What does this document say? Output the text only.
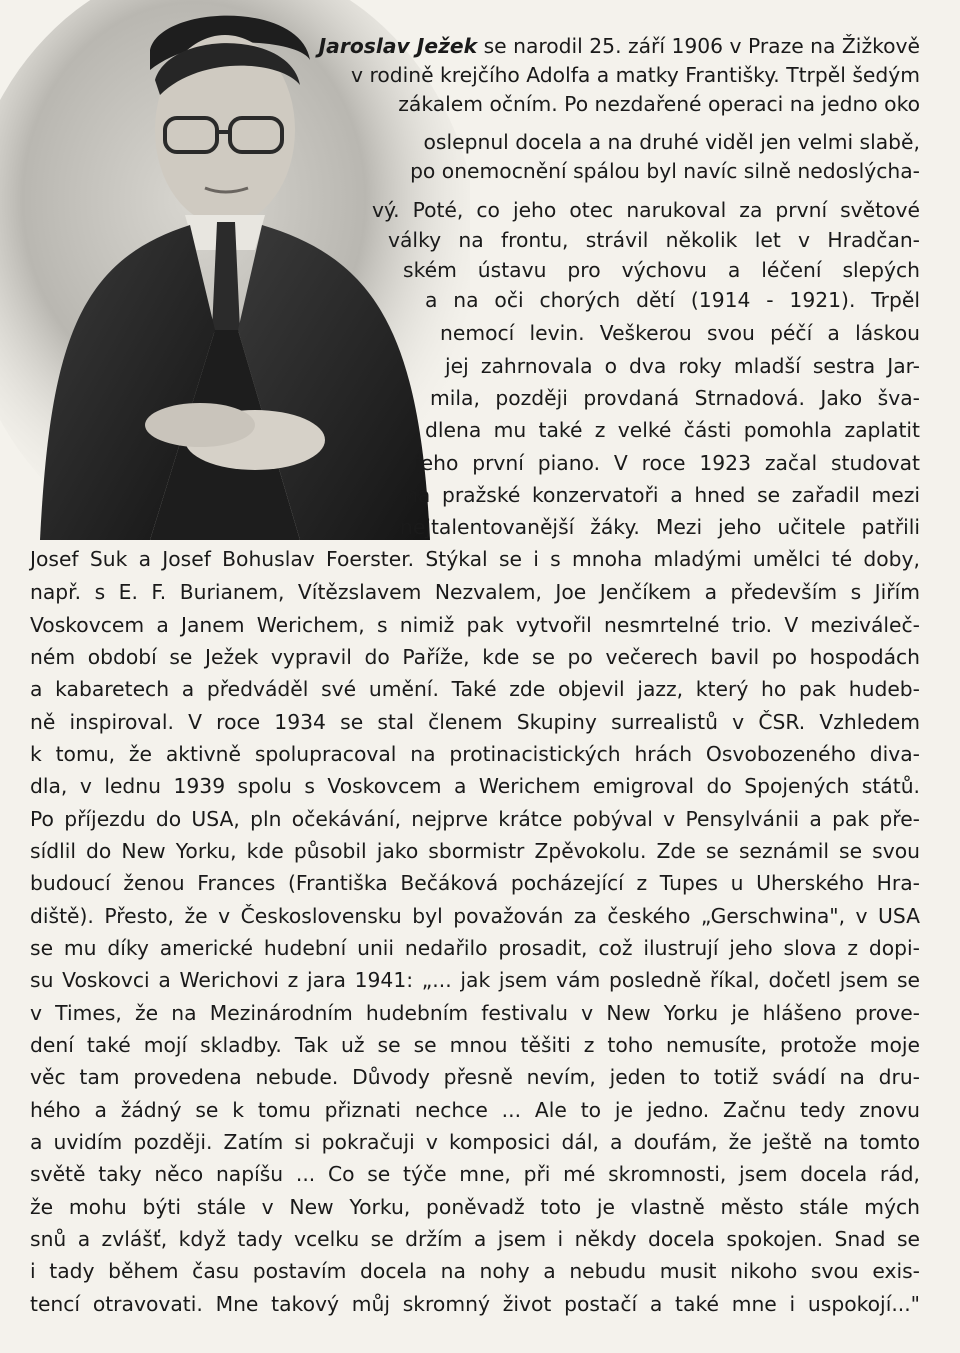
Jaroslav Ježek se narodil 25. září 1906 v Praze na Žižkově
v rodině krejčího Adolfa a matky Františky. Ttrpěl šedým
zákalem očním. Po nezdařené operaci na jedno oko
oslepnul docela a na druhé viděl jen velmi slabě,
po onemocnění spálou byl navíc silně nedoslýcha-
vý. Poté, co jeho otec narukoval za první světové
války na frontu, strávil několik let v Hradčan-
ském ústavu pro výchovu a léčení slepých
a na oči chorých dětí (1914 - 1921). Trpěl
nemocí levin. Veškerou svou péčí a láskou
jej zahrnovala o dva roky mladší sestra Jar-
mila, později provdaná Strnadová. Jako šva-
dlena mu také z velké části pomohla zaplatit
jeho první piano. V roce 1923 začal studovat
na pražské konzervatoři a hned se zařadil mezi
nejtalentovanější žáky. Mezi jeho učitele patřili
Josef Suk a Josef Bohuslav Foerster. Stýkal se i s mnoha mladými umělci té doby,
např. s E. F. Burianem, Vítězslavem Nezvalem, Joe Jenčíkem a především s Jiřím
Voskovcem a Janem Werichem, s nimiž pak vytvořil nesmrtelné trio. V meziváleč-
ném období se Ježek vypravil do Paříže, kde se po večerech bavil po hospodách
a kabaretech a předváděl své umění. Také zde objevil jazz, který ho pak hudeb-
ně inspiroval. V roce 1934 se stal členem Skupiny surrealistů v ČSR. Vzhledem
k tomu, že aktivně spolupracoval na protinacistických hrách Osvobozeného diva-
dla, v lednu 1939 spolu s Voskovcem a Werichem emigroval do Spojených států.
Po příjezdu do USA, pln očekávání, nejprve krátce pobýval v Pensylvánii a pak pře-
sídlil do New Yorku, kde působil jako sbormistr Zpěvokolu. Zde se seznámil se svou
budoucí ženou Frances (Františka Bečáková pocházející z Tupes u Uherského Hra-
diště). Přesto, že v Československu byl považován za českého „Gerschwina", v USA
se mu díky americké hudební unii nedařilo prosadit, což ilustrují jeho slova z dopi-
su Voskovci a Werichovi z jara 1941: „... jak jsem vám posledně říkal, dočetl jsem se
v Times, že na Mezinárodním hudebním festivalu v New Yorku je hlášeno prove-
dení také mojí skladby. Tak už se se mnou těšiti z toho nemusíte, protože moje
věc tam provedena nebude. Důvody přesně nevím, jeden to totiž svádí na dru-
hého a žádný se k tomu přiznati nechce ... Ale to je jedno. Začnu tedy znovu
a uvidím později. Zatím si pokračuji v komposici dál, a doufám, že ještě na tomto
světě taky něco napíšu ... Co se týče mne, při mé skromnosti, jsem docela rád,
že mohu býti stále v New Yorku, poněvadž toto je vlastně město stále mých
snů a zvlášť, když tady vcelku se držím a jsem i někdy docela spokojen. Snad se
i tady během času postavím docela na nohy a nebudu musit nikoho svou exis-
tencí otravovati. Mne takový můj skromný život postačí a také mne i uspokojí..."
